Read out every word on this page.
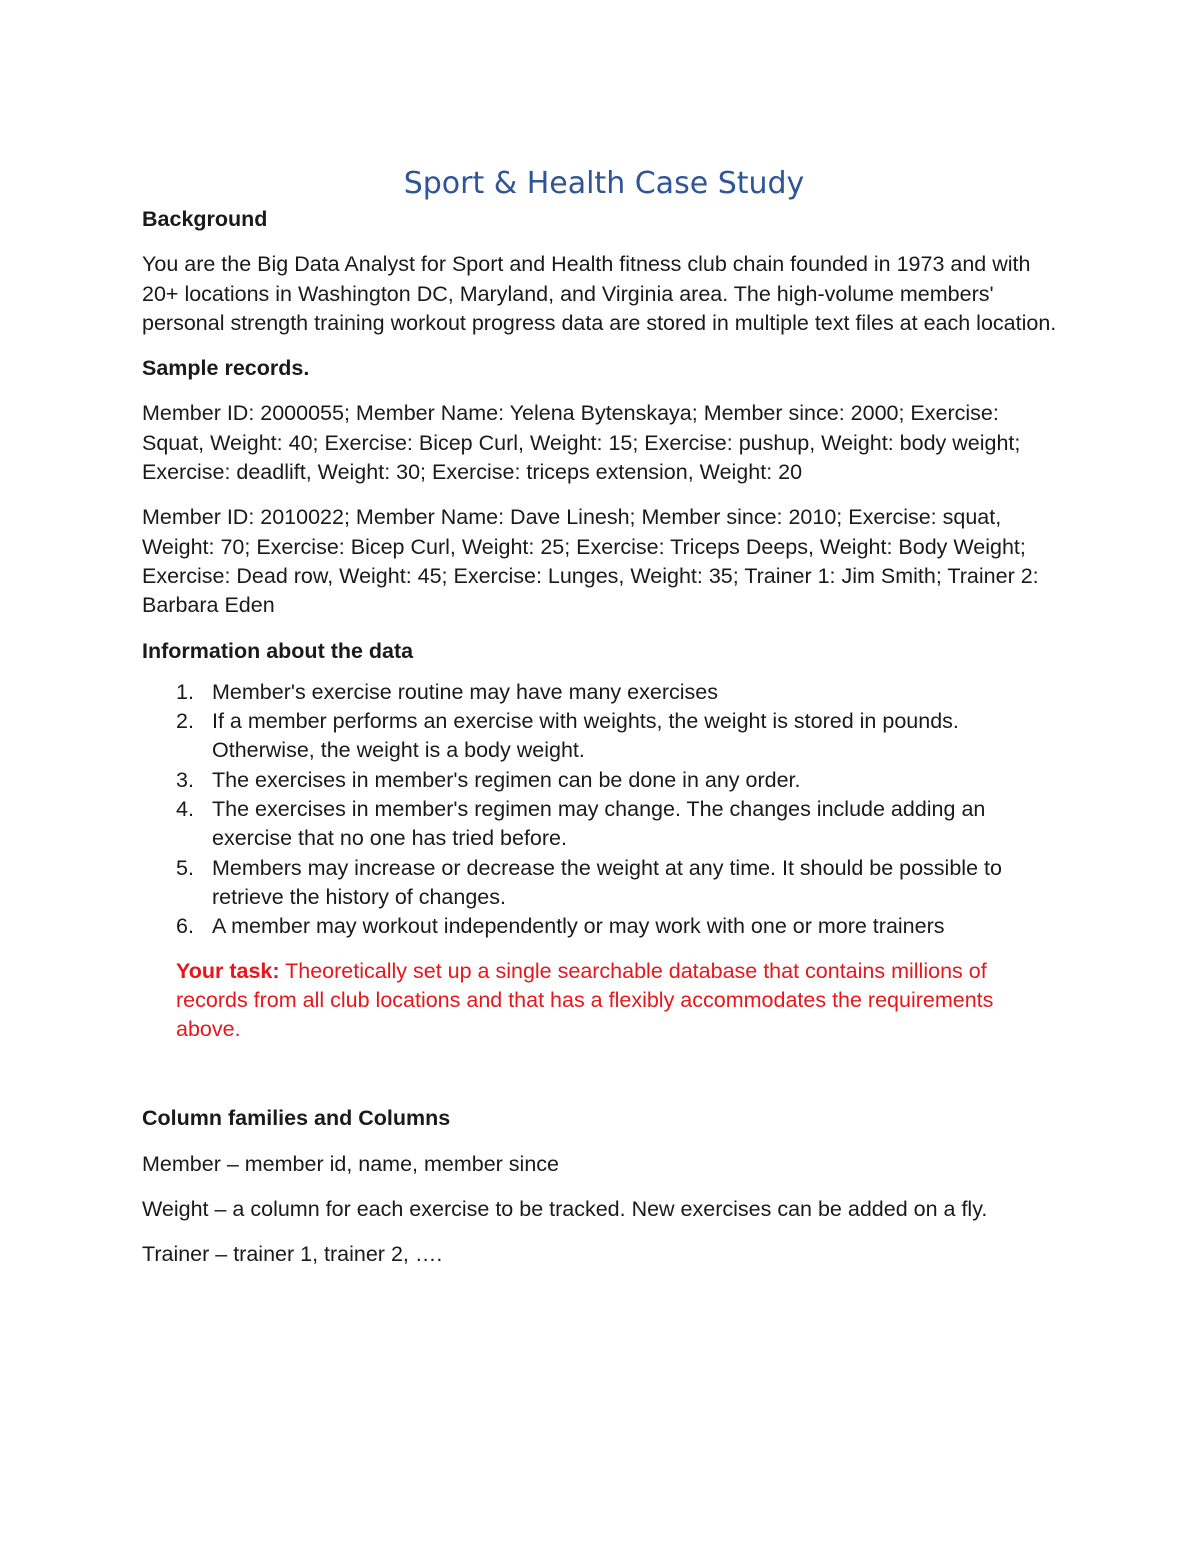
Sport & Health Case Study

Background

You are the Big Data Analyst for Sport and Health fitness club chain founded in 1973 and with 20+ locations in Washington DC, Maryland, and Virginia area. The high-volume members' personal strength training workout progress data are stored in multiple text files at each location.

Sample records.

Member ID: 2000055; Member Name: Yelena Bytenskaya; Member since: 2000; Exercise: Squat, Weight: 40; Exercise: Bicep Curl, Weight: 15; Exercise: pushup, Weight: body weight; Exercise: deadlift, Weight: 30; Exercise: triceps extension, Weight: 20

Member ID: 2010022; Member Name: Dave Linesh; Member since: 2010; Exercise: squat, Weight: 70; Exercise: Bicep Curl, Weight: 25; Exercise: Triceps Deeps, Weight: Body Weight; Exercise: Dead row, Weight: 45; Exercise: Lunges, Weight: 35; Trainer 1: Jim Smith; Trainer 2: Barbara Eden

Information about the data

1. Member's exercise routine may have many exercises
2. If a member performs an exercise with weights, the weight is stored in pounds. Otherwise, the weight is a body weight.
3. The exercises in member's regimen can be done in any order.
4. The exercises in member's regimen may change. The changes include adding an exercise that no one has tried before.
5. Members may increase or decrease the weight at any time. It should be possible to retrieve the history of changes.
6. A member may workout independently or may work with one or more trainers

Your task: Theoretically set up a single searchable database that contains millions of records from all club locations and that has a flexibly accommodates the requirements above.

Column families and Columns

Member – member id, name, member since

Weight – a column for each exercise to be tracked. New exercises can be added on a fly.

Trainer – trainer 1, trainer 2, ….
